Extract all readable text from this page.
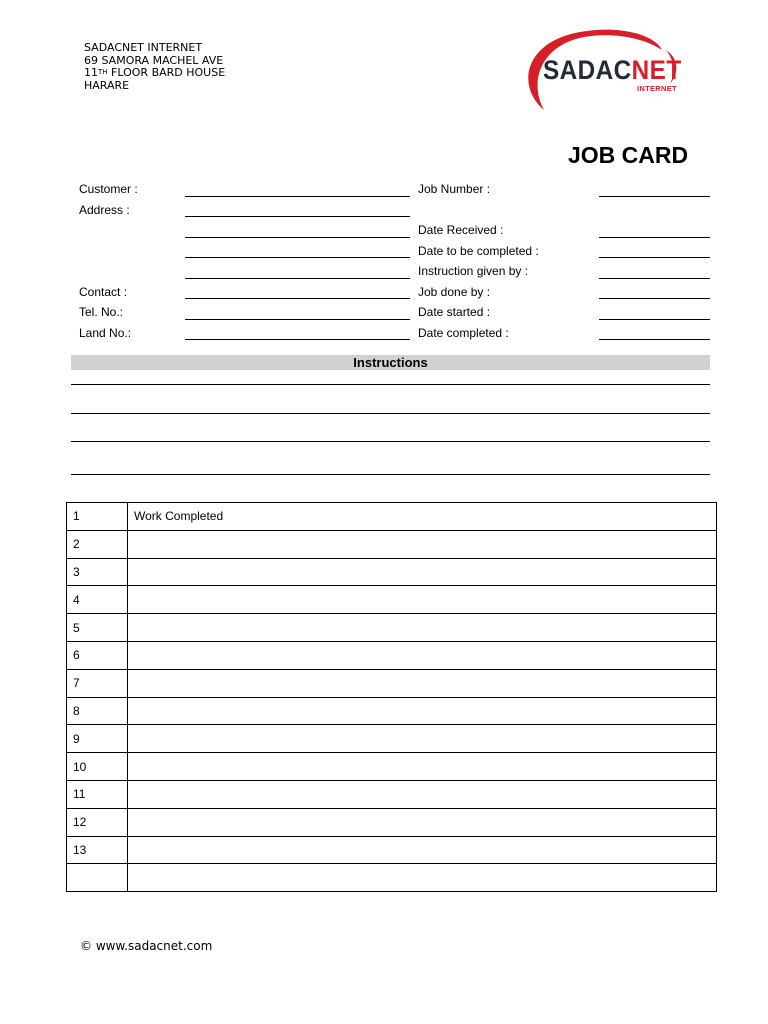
SADACNET INTERNET
69 SAMORA MACHEL AVE
11TH FLOOR BARD HOUSE
HARARE	SADACNET
INTERNET
JOB CARD
Customer :
Address :
Contact :
Tel. No.:
Land No.:
Job Number :
Date Received :
Date to be completed :
Instruction given by :
Job done by :
Date started :
Date completed :
Instructions
1	Work Completed
2	
3	
4	
5	
6	
7	
8	
9	
10	
11	
12	
13	

© www.sadacnet.com
